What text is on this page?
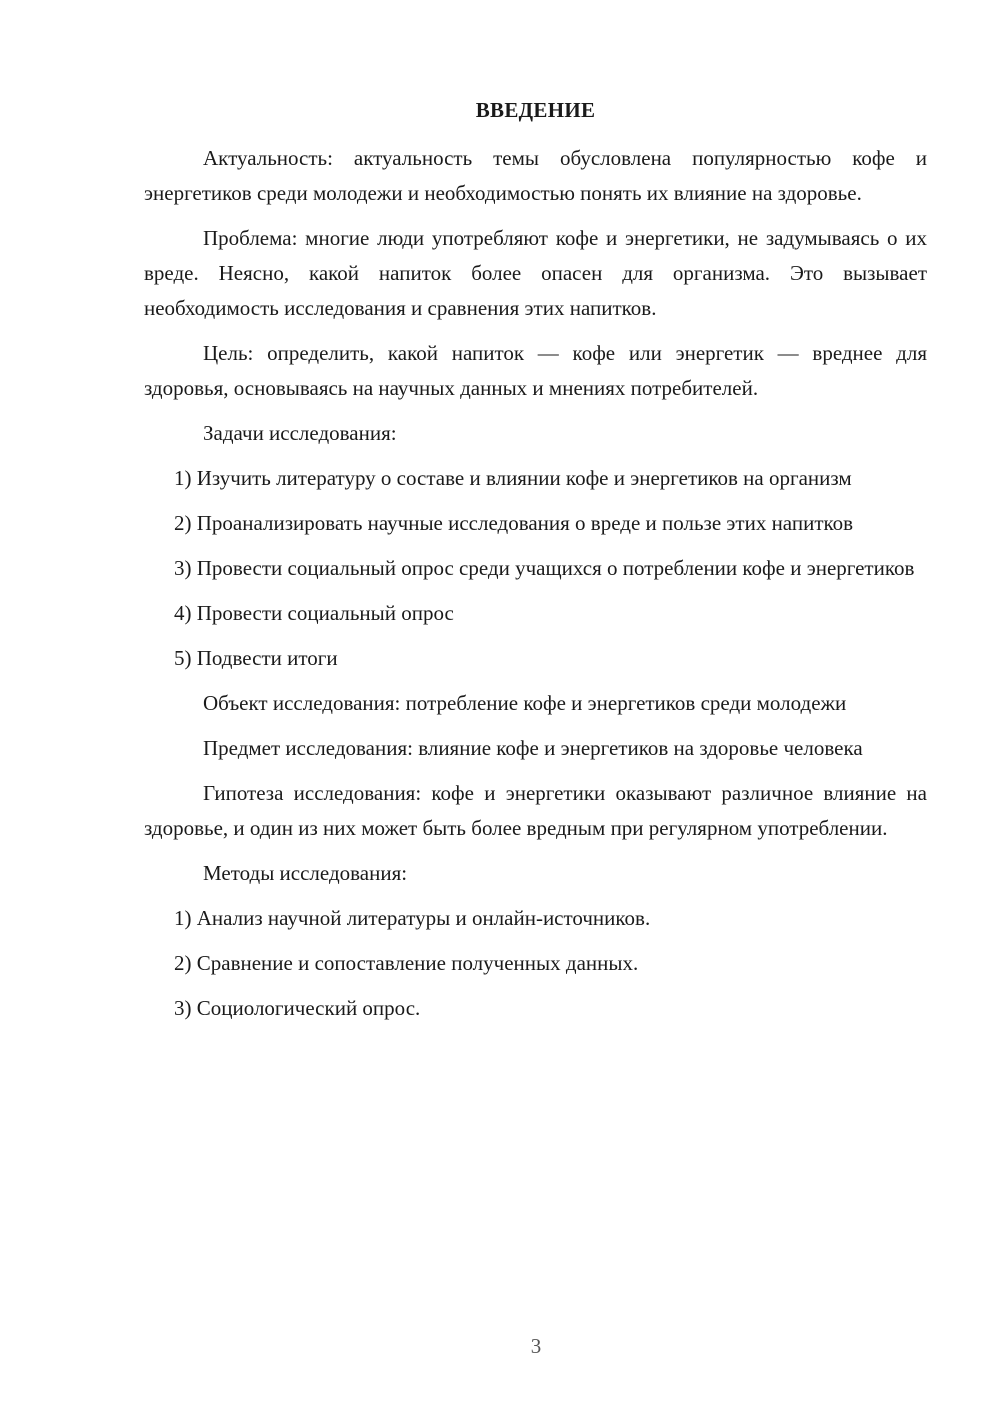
ВВЕДЕНИЕ

Актуальность: актуальность темы обусловлена популярностью кофе и энергетиков среди молодежи и необходимостью понять их влияние на здоровье.

Проблема: многие люди употребляют кофе и энергетики, не задумываясь о их вреде. Неясно, какой напиток более опасен для организма. Это вызывает необходимость исследования и сравнения этих напитков.

Цель: определить, какой напиток — кофе или энергетик — вреднее для здоровья, основываясь на научных данных и мнениях потребителей.

Задачи исследования:

1) Изучить литературу о составе и влиянии кофе и энергетиков на организм

2) Проанализировать научные исследования о вреде и пользе этих напитков

3) Провести социальный опрос среди учащихся о потреблении кофе и энергетиков

4) Провести социальный опрос

5) Подвести итоги

Объект исследования: потребление кофе и энергетиков среди молодежи

Предмет исследования: влияние кофе и энергетиков на здоровье человека

Гипотеза исследования: кофе и энергетики оказывают различное влияние на здоровье, и один из них может быть более вредным при регулярном употреблении.

Методы исследования:

1) Анализ научной литературы и онлайн-источников.

2) Сравнение и сопоставление полученных данных.

3) Социологический опрос.

3
